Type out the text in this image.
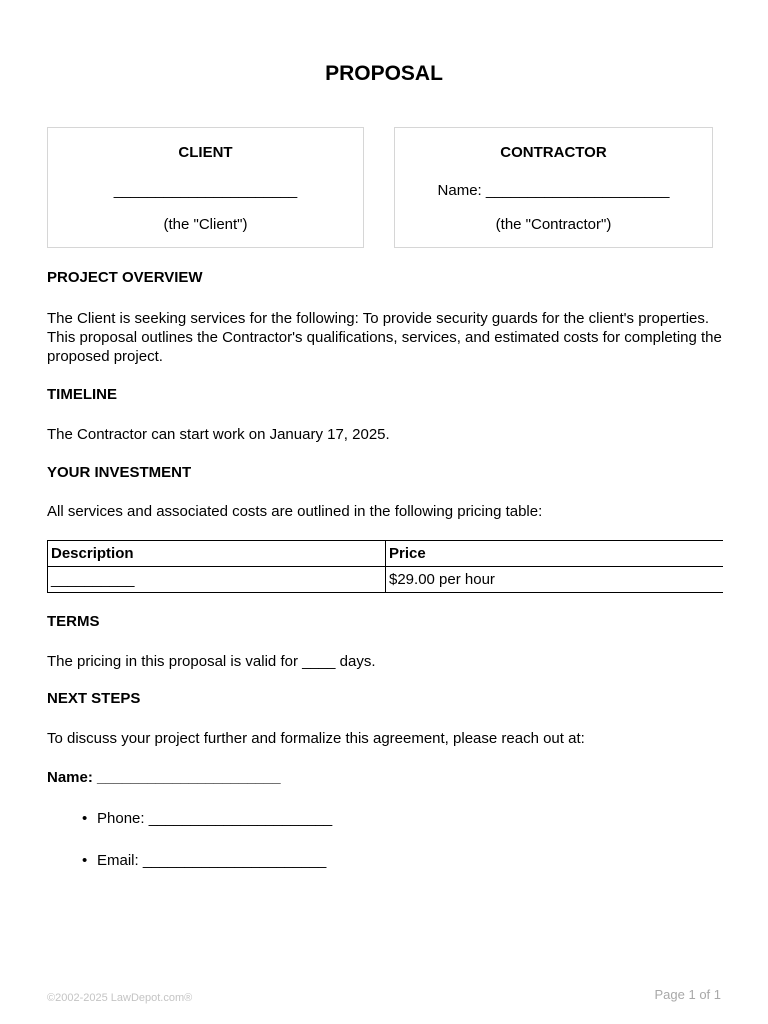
PROPOSAL
CLIENT
______________________
(the "Client")
CONTRACTOR
Name: ______________________
(the "Contractor")
PROJECT OVERVIEW
The Client is seeking services for the following: To provide security guards for the client's properties. This proposal outlines the Contractor's qualifications, services, and estimated costs for completing the proposed project.
TIMELINE
The Contractor can start work on January 17, 2025.
YOUR INVESTMENT
All services and associated costs are outlined in the following pricing table:
Description	Price
__________	$29.00 per hour
TERMS
The pricing in this proposal is valid for ____ days.
NEXT STEPS
To discuss your project further and formalize this agreement, please reach out at:
Name: ______________________
• Phone: ______________________
• Email: ______________________
©2002-2025 LawDepot.com®	Page 1 of 1
